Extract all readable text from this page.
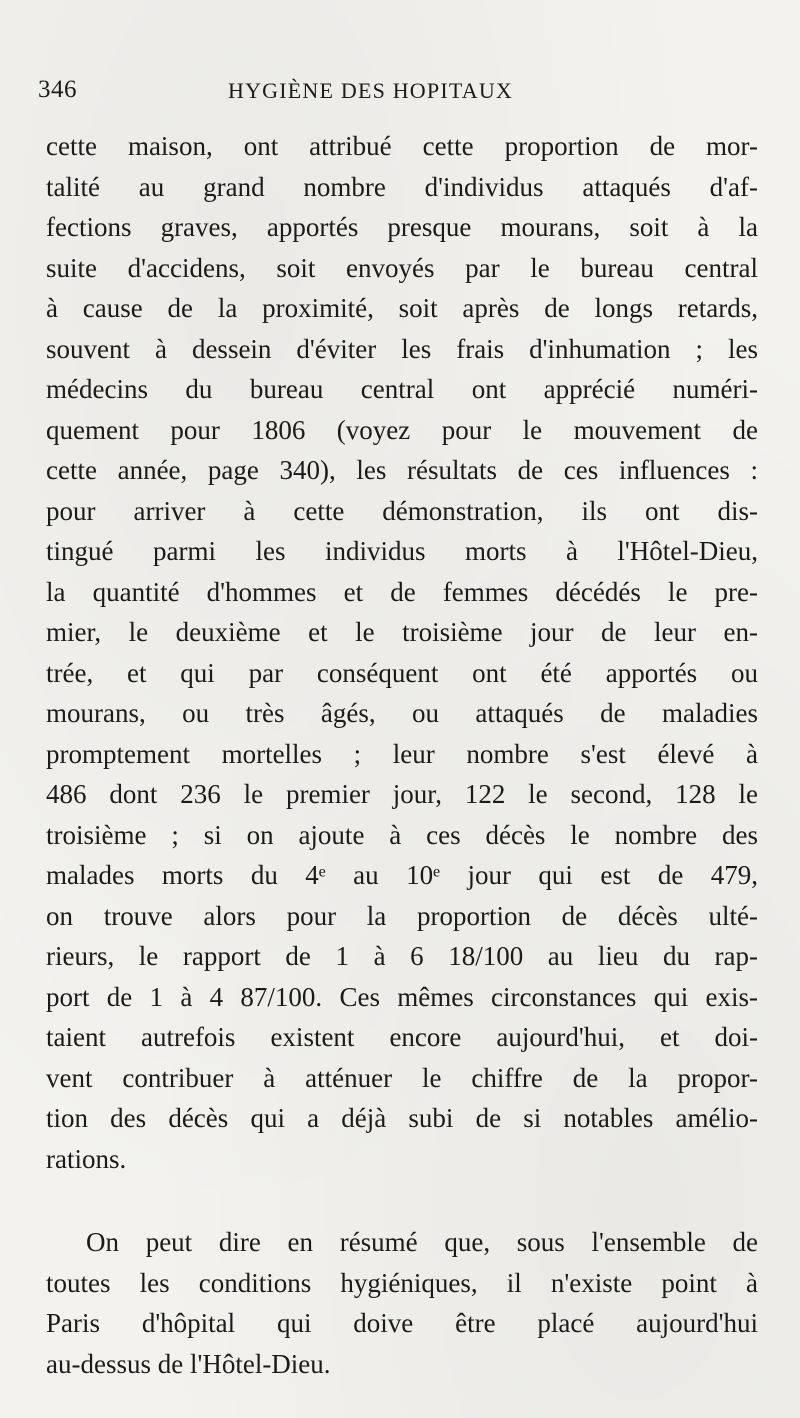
346	HYGIÈNE DES HOPITAUX
cette maison, ont attribué cette proportion de mor-
talité au grand nombre d'individus attaqués d'af-
fections graves, apportés presque mourans, soit à la
suite d'accidens, soit envoyés par le bureau central
à cause de la proximité, soit après de longs retards,
souvent à dessein d'éviter les frais d'inhumation ; les
médecins du bureau central ont apprécié numéri-
quement pour 1806 (voyez pour le mouvement de
cette année, page 340), les résultats de ces influences :
pour arriver à cette démonstration, ils ont dis-
tingué parmi les individus morts à l'Hôtel-Dieu,
la quantité d'hommes et de femmes décédés le pre-
mier, le deuxième et le troisième jour de leur en-
trée, et qui par conséquent ont été apportés ou
mourans, ou très âgés, ou attaqués de maladies
promptement mortelles ; leur nombre s'est élevé à
486 dont 236 le premier jour, 122 le second, 128 le
troisième ; si on ajoute à ces décès le nombre des
malades morts du 4ᵉ au 10ᵉ jour qui est de 479,
on trouve alors pour la proportion de décès ulté-
rieurs, le rapport de 1 à 6 18/100 au lieu du rap-
port de 1 à 4 87/100. Ces mêmes circonstances qui exis-
taient autrefois existent encore aujourd'hui, et doi-
vent contribuer à atténuer le chiffre de la propor-
tion des décès qui a déjà subi de si notables amélio-
rations.
On peut dire en résumé que, sous l'ensemble de
toutes les conditions hygiéniques, il n'existe point à
Paris d'hôpital qui doive être placé aujourd'hui
au-dessus de l'Hôtel-Dieu.
